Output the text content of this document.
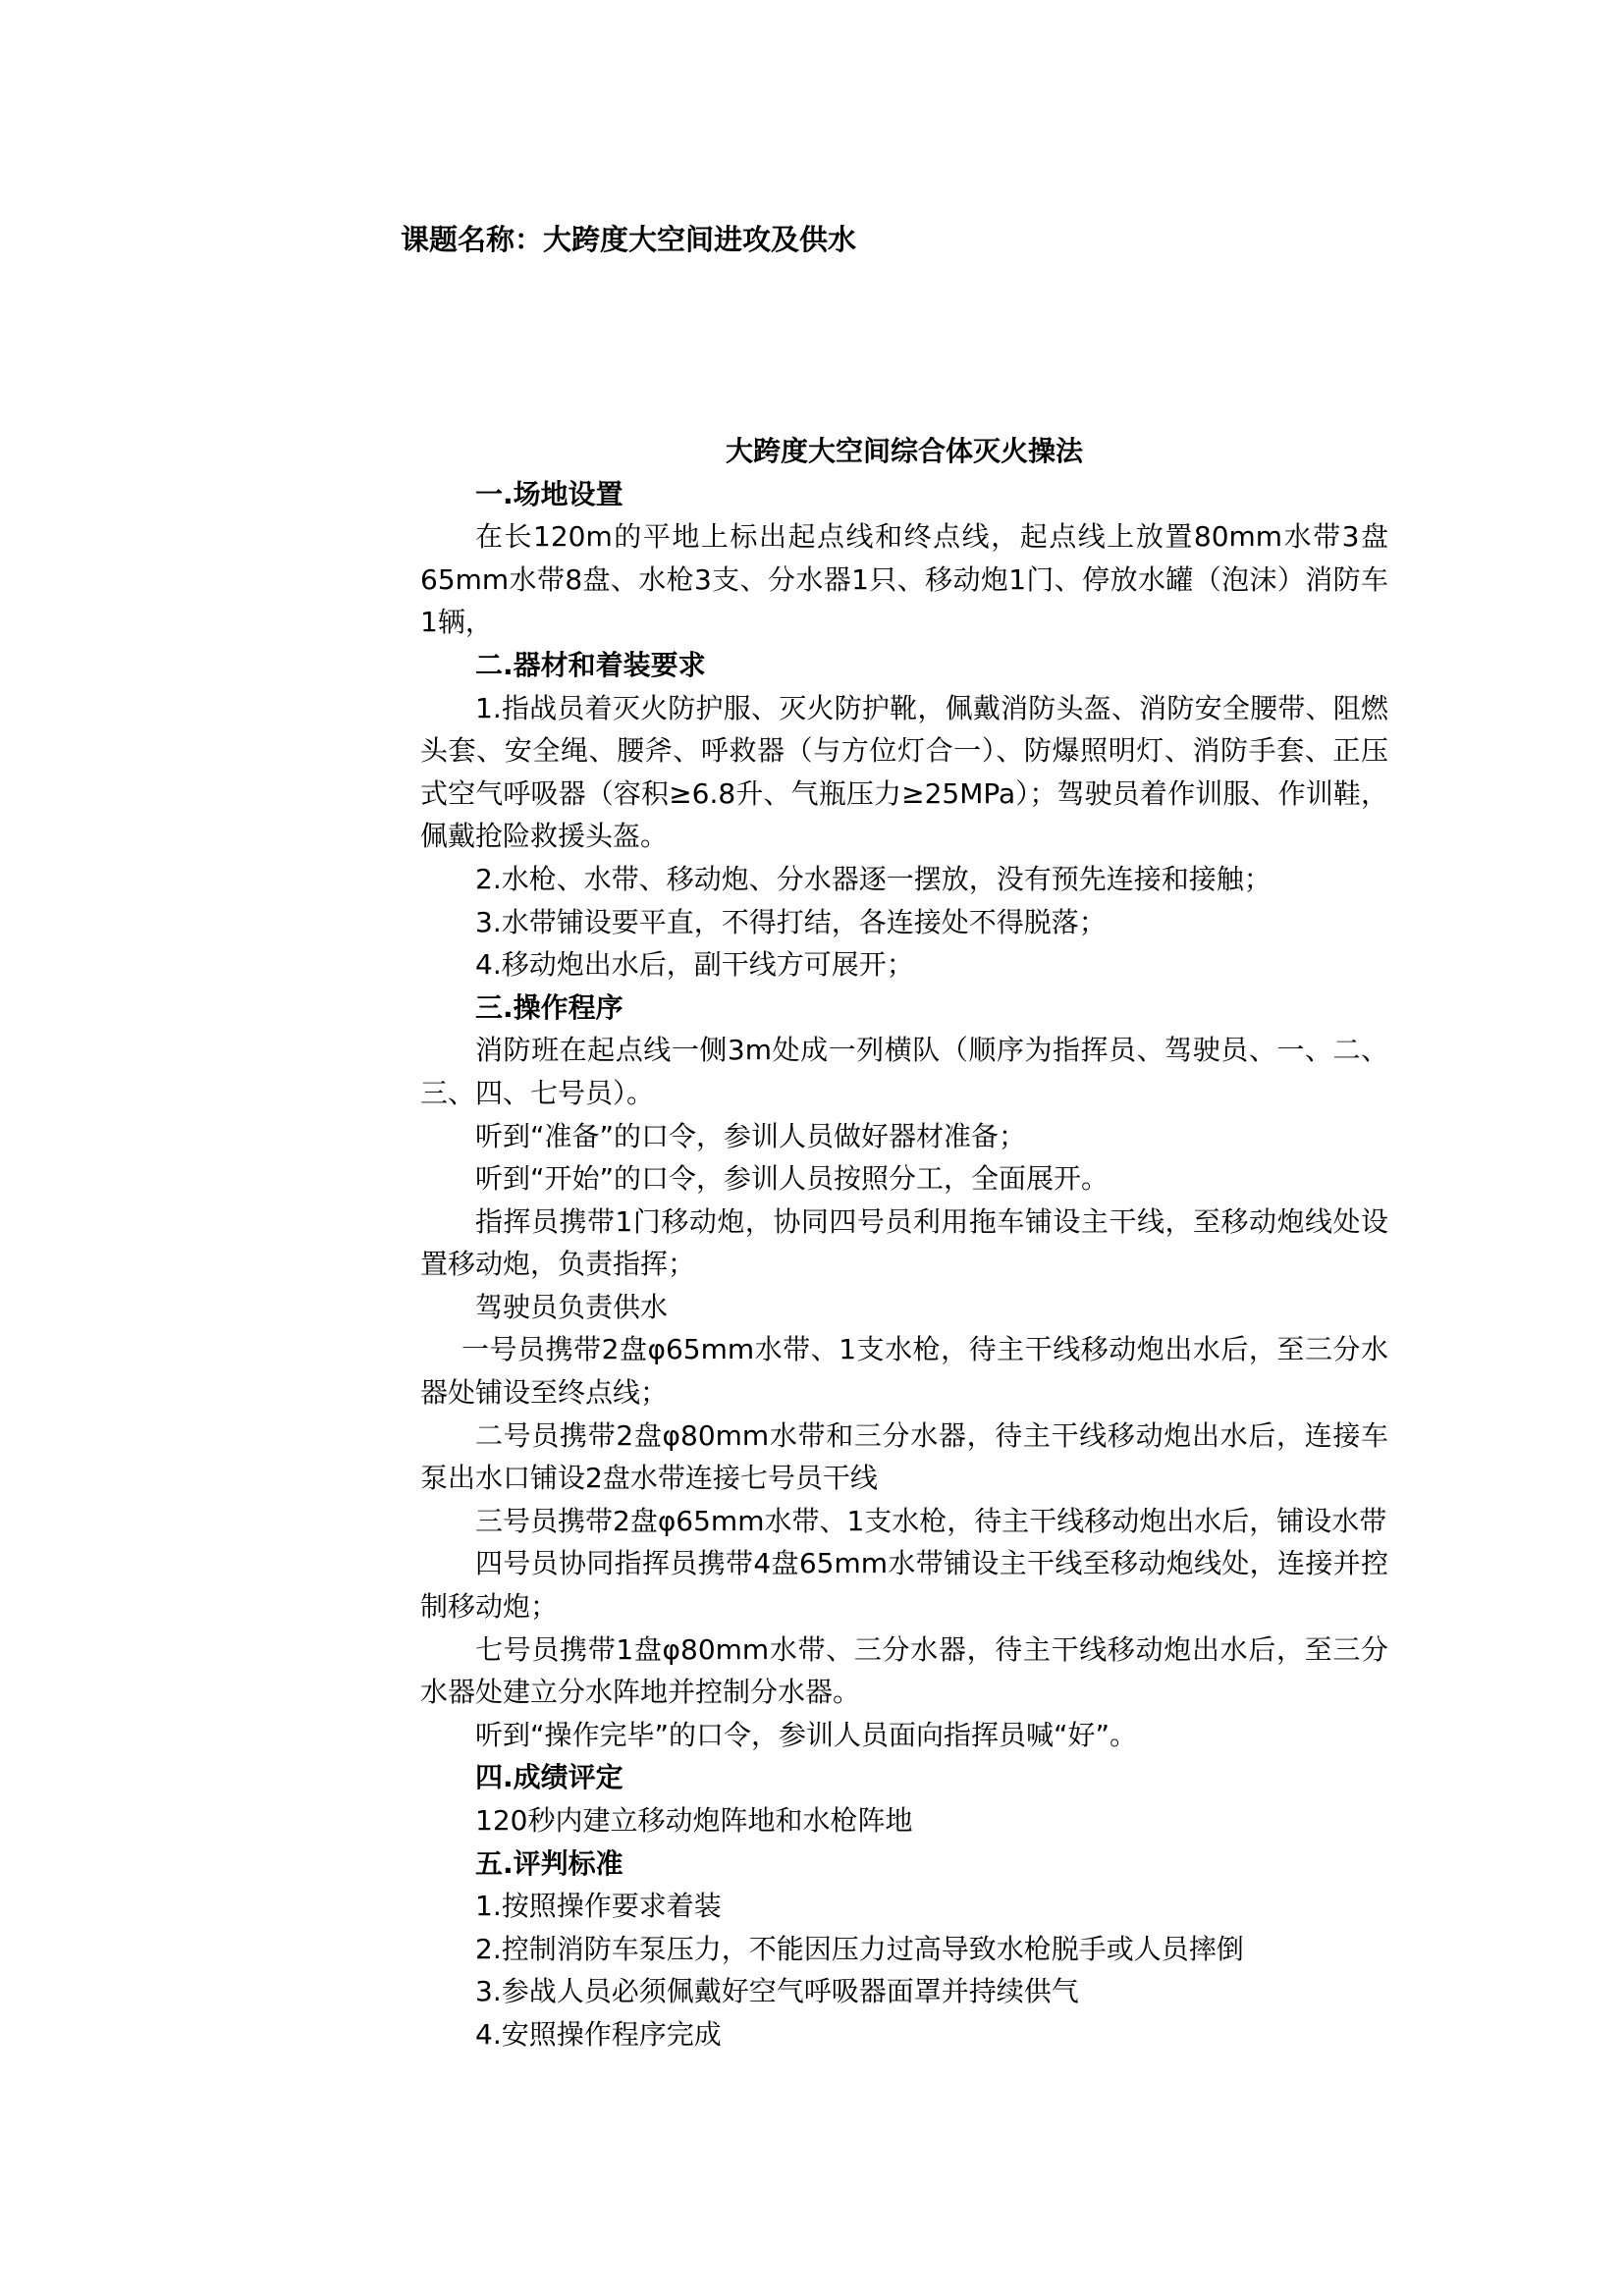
课题名称：大跨度大空间进攻及供水

大跨度大空间综合体灭火操法

一.场地设置

在长120m的平地上标出起点线和终点线，起点线上放置80mm水带3盘65mm水带8盘、水枪3支、分水器1只、移动炮1门、停放水罐（泡沫）消防车1辆，

二.器材和着装要求

1.指战员着灭火防护服、灭火防护靴，佩戴消防头盔、消防安全腰带、阻燃头套、安全绳、腰斧、呼救器（与方位灯合一）、防爆照明灯、消防手套、正压式空气呼吸器（容积≥6.8升、气瓶压力≥25MPa）；驾驶员着作训服、作训鞋，佩戴抢险救援头盔。

2.水枪、水带、移动炮、分水器逐一摆放，没有预先连接和接触；

3.水带铺设要平直，不得打结，各连接处不得脱落；

4.移动炮出水后，副干线方可展开；

三.操作程序

消防班在起点线一侧3m处成一列横队（顺序为指挥员、驾驶员、一、二、三、四、七号员）。

听到“准备”的口令，参训人员做好器材准备；

听到“开始”的口令，参训人员按照分工，全面展开。

指挥员携带1门移动炮，协同四号员利用拖车铺设主干线，至移动炮线处设置移动炮，负责指挥；

驾驶员负责供水

一号员携带2盘φ65mm水带、1支水枪，待主干线移动炮出水后，至三分水器处铺设至终点线；

二号员携带2盘φ80mm水带和三分水器，待主干线移动炮出水后，连接车泵出水口铺设2盘水带连接七号员干线

三号员携带2盘φ65mm水带、1支水枪，待主干线移动炮出水后，铺设水带

四号员协同指挥员携带4盘65mm水带铺设主干线至移动炮线处，连接并控制移动炮；

七号员携带1盘φ80mm水带、三分水器，待主干线移动炮出水后，至三分水器处建立分水阵地并控制分水器。

听到“操作完毕”的口令，参训人员面向指挥员喊“好”。

四.成绩评定

120秒内建立移动炮阵地和水枪阵地

五.评判标准

1.按照操作要求着装

2.控制消防车泵压力，不能因压力过高导致水枪脱手或人员摔倒

3.参战人员必须佩戴好空气呼吸器面罩并持续供气

4.安照操作程序完成
